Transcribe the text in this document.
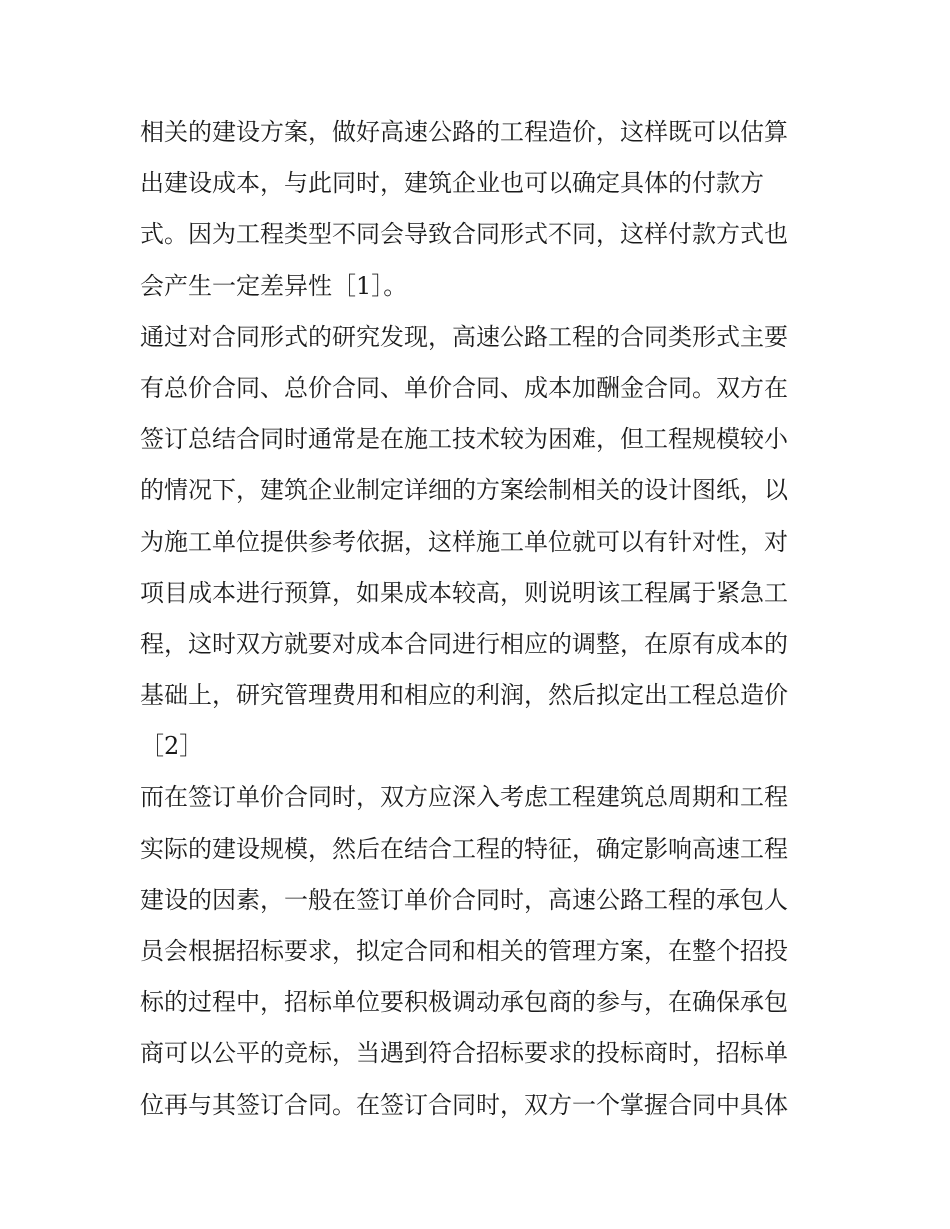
相关的建设方案，做好高速公路的工程造价，这样既可以估算
出建设成本，与此同时，建筑企业也可以确定具体的付款方
式。因为工程类型不同会导致合同形式不同，这样付款方式也
会产生一定差异性［1］。
通过对合同形式的研究发现，高速公路工程的合同类形式主要
有总价合同、总价合同、单价合同、成本加酬金合同。双方在
签订总结合同时通常是在施工技术较为困难，但工程规模较小
的情况下，建筑企业制定详细的方案绘制相关的设计图纸，以
为施工单位提供参考依据，这样施工单位就可以有针对性，对
项目成本进行预算，如果成本较高，则说明该工程属于紧急工
程，这时双方就要对成本合同进行相应的调整，在原有成本的
基础上，研究管理费用和相应的利润，然后拟定出工程总造价
［2］
而在签订单价合同时，双方应深入考虑工程建筑总周期和工程
实际的建设规模，然后在结合工程的特征，确定影响高速工程
建设的因素，一般在签订单价合同时，高速公路工程的承包人
员会根据招标要求，拟定合同和相关的管理方案，在整个招投
标的过程中，招标单位要积极调动承包商的参与，在确保承包
商可以公平的竞标，当遇到符合招标要求的投标商时，招标单
位再与其签订合同。在签订合同时，双方一个掌握合同中具体
